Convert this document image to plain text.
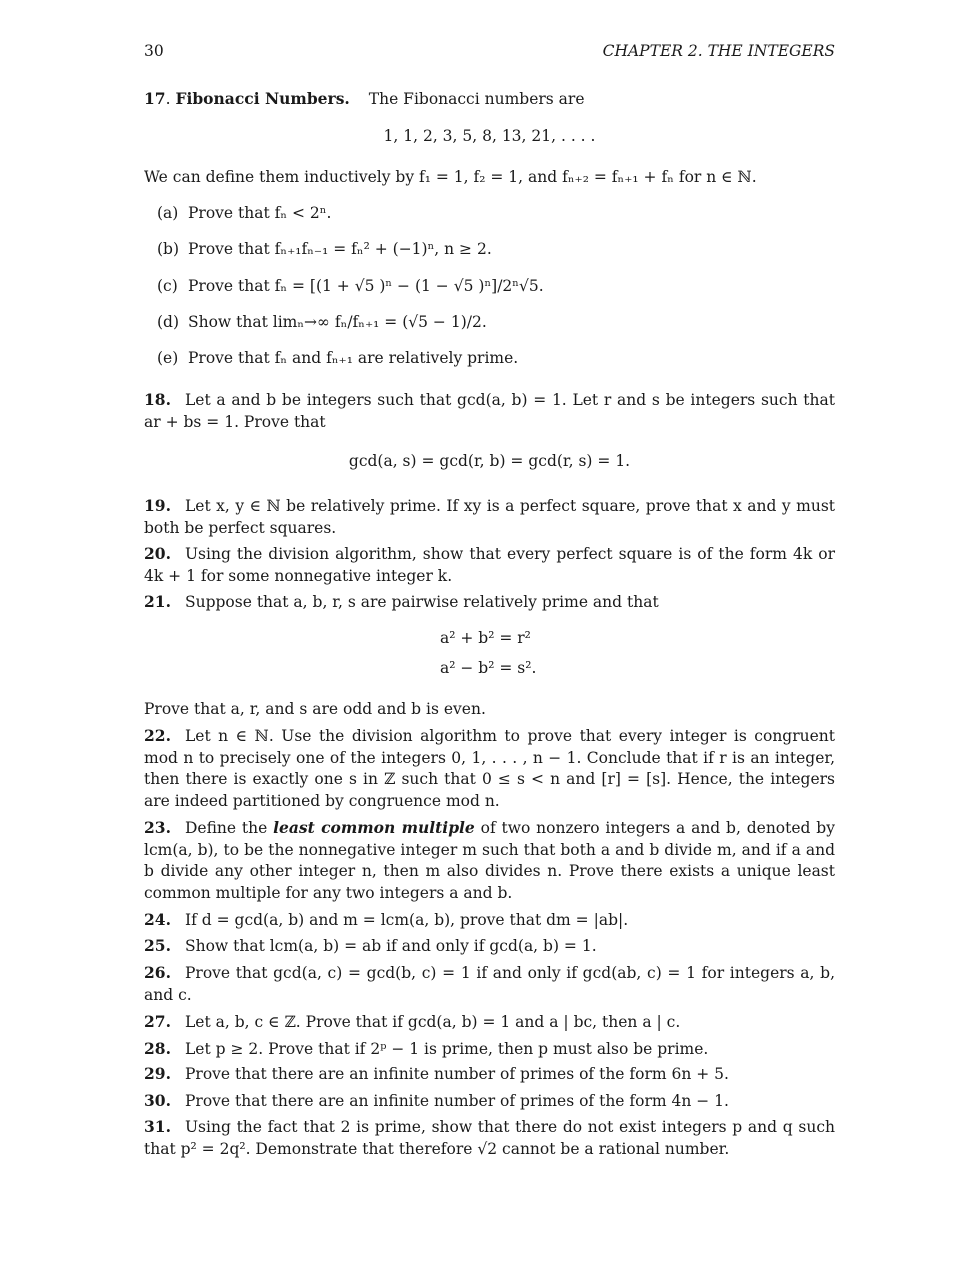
30	CHAPTER 2. THE INTEGERS
17. Fibonacci Numbers. The Fibonacci numbers are
1, 1, 2, 3, 5, 8, 13, 21, . . . .
We can define them inductively by f₁ = 1, f₂ = 1, and fₙ₊₂ = fₙ₊₁ + fₙ for n ∈ ℕ.
(a) Prove that fₙ < 2ⁿ.
(b) Prove that fₙ₊₁fₙ₋₁ = fₙ² + (−1)ⁿ, n ≥ 2.
(c) Prove that fₙ = [(1 + √5 )ⁿ − (1 − √5 )ⁿ]/2ⁿ√5.
(d) Show that limₙ→∞ fₙ/fₙ₊₁ = (√5 − 1)/2.
(e) Prove that fₙ and fₙ₊₁ are relatively prime.
18. Let a and b be integers such that gcd(a, b) = 1. Let r and s be integers such that ar + bs = 1. Prove that
gcd(a, s) = gcd(r, b) = gcd(r, s) = 1.
19. Let x, y ∈ ℕ be relatively prime. If xy is a perfect square, prove that x and y must both be perfect squares.
20. Using the division algorithm, show that every perfect square is of the form 4k or 4k + 1 for some nonnegative integer k.
21. Suppose that a, b, r, s are pairwise relatively prime and that
a² + b² = r²
a² − b² = s².
Prove that a, r, and s are odd and b is even.
22. Let n ∈ ℕ. Use the division algorithm to prove that every integer is congruent mod n to precisely one of the integers 0, 1, . . . , n − 1. Conclude that if r is an integer, then there is exactly one s in ℤ such that 0 ≤ s < n and [r] = [s]. Hence, the integers are indeed partitioned by congruence mod n.
23. Define the least common multiple of two nonzero integers a and b, denoted by lcm(a, b), to be the nonnegative integer m such that both a and b divide m, and if a and b divide any other integer n, then m also divides n. Prove there exists a unique least common multiple for any two integers a and b.
24. If d = gcd(a, b) and m = lcm(a, b), prove that dm = |ab|.
25. Show that lcm(a, b) = ab if and only if gcd(a, b) = 1.
26. Prove that gcd(a, c) = gcd(b, c) = 1 if and only if gcd(ab, c) = 1 for integers a, b, and c.
27. Let a, b, c ∈ ℤ. Prove that if gcd(a, b) = 1 and a | bc, then a | c.
28. Let p ≥ 2. Prove that if 2ᵖ − 1 is prime, then p must also be prime.
29. Prove that there are an infinite number of primes of the form 6n + 5.
30. Prove that there are an infinite number of primes of the form 4n − 1.
31. Using the fact that 2 is prime, show that there do not exist integers p and q such that p² = 2q². Demonstrate that therefore √2 cannot be a rational number.
